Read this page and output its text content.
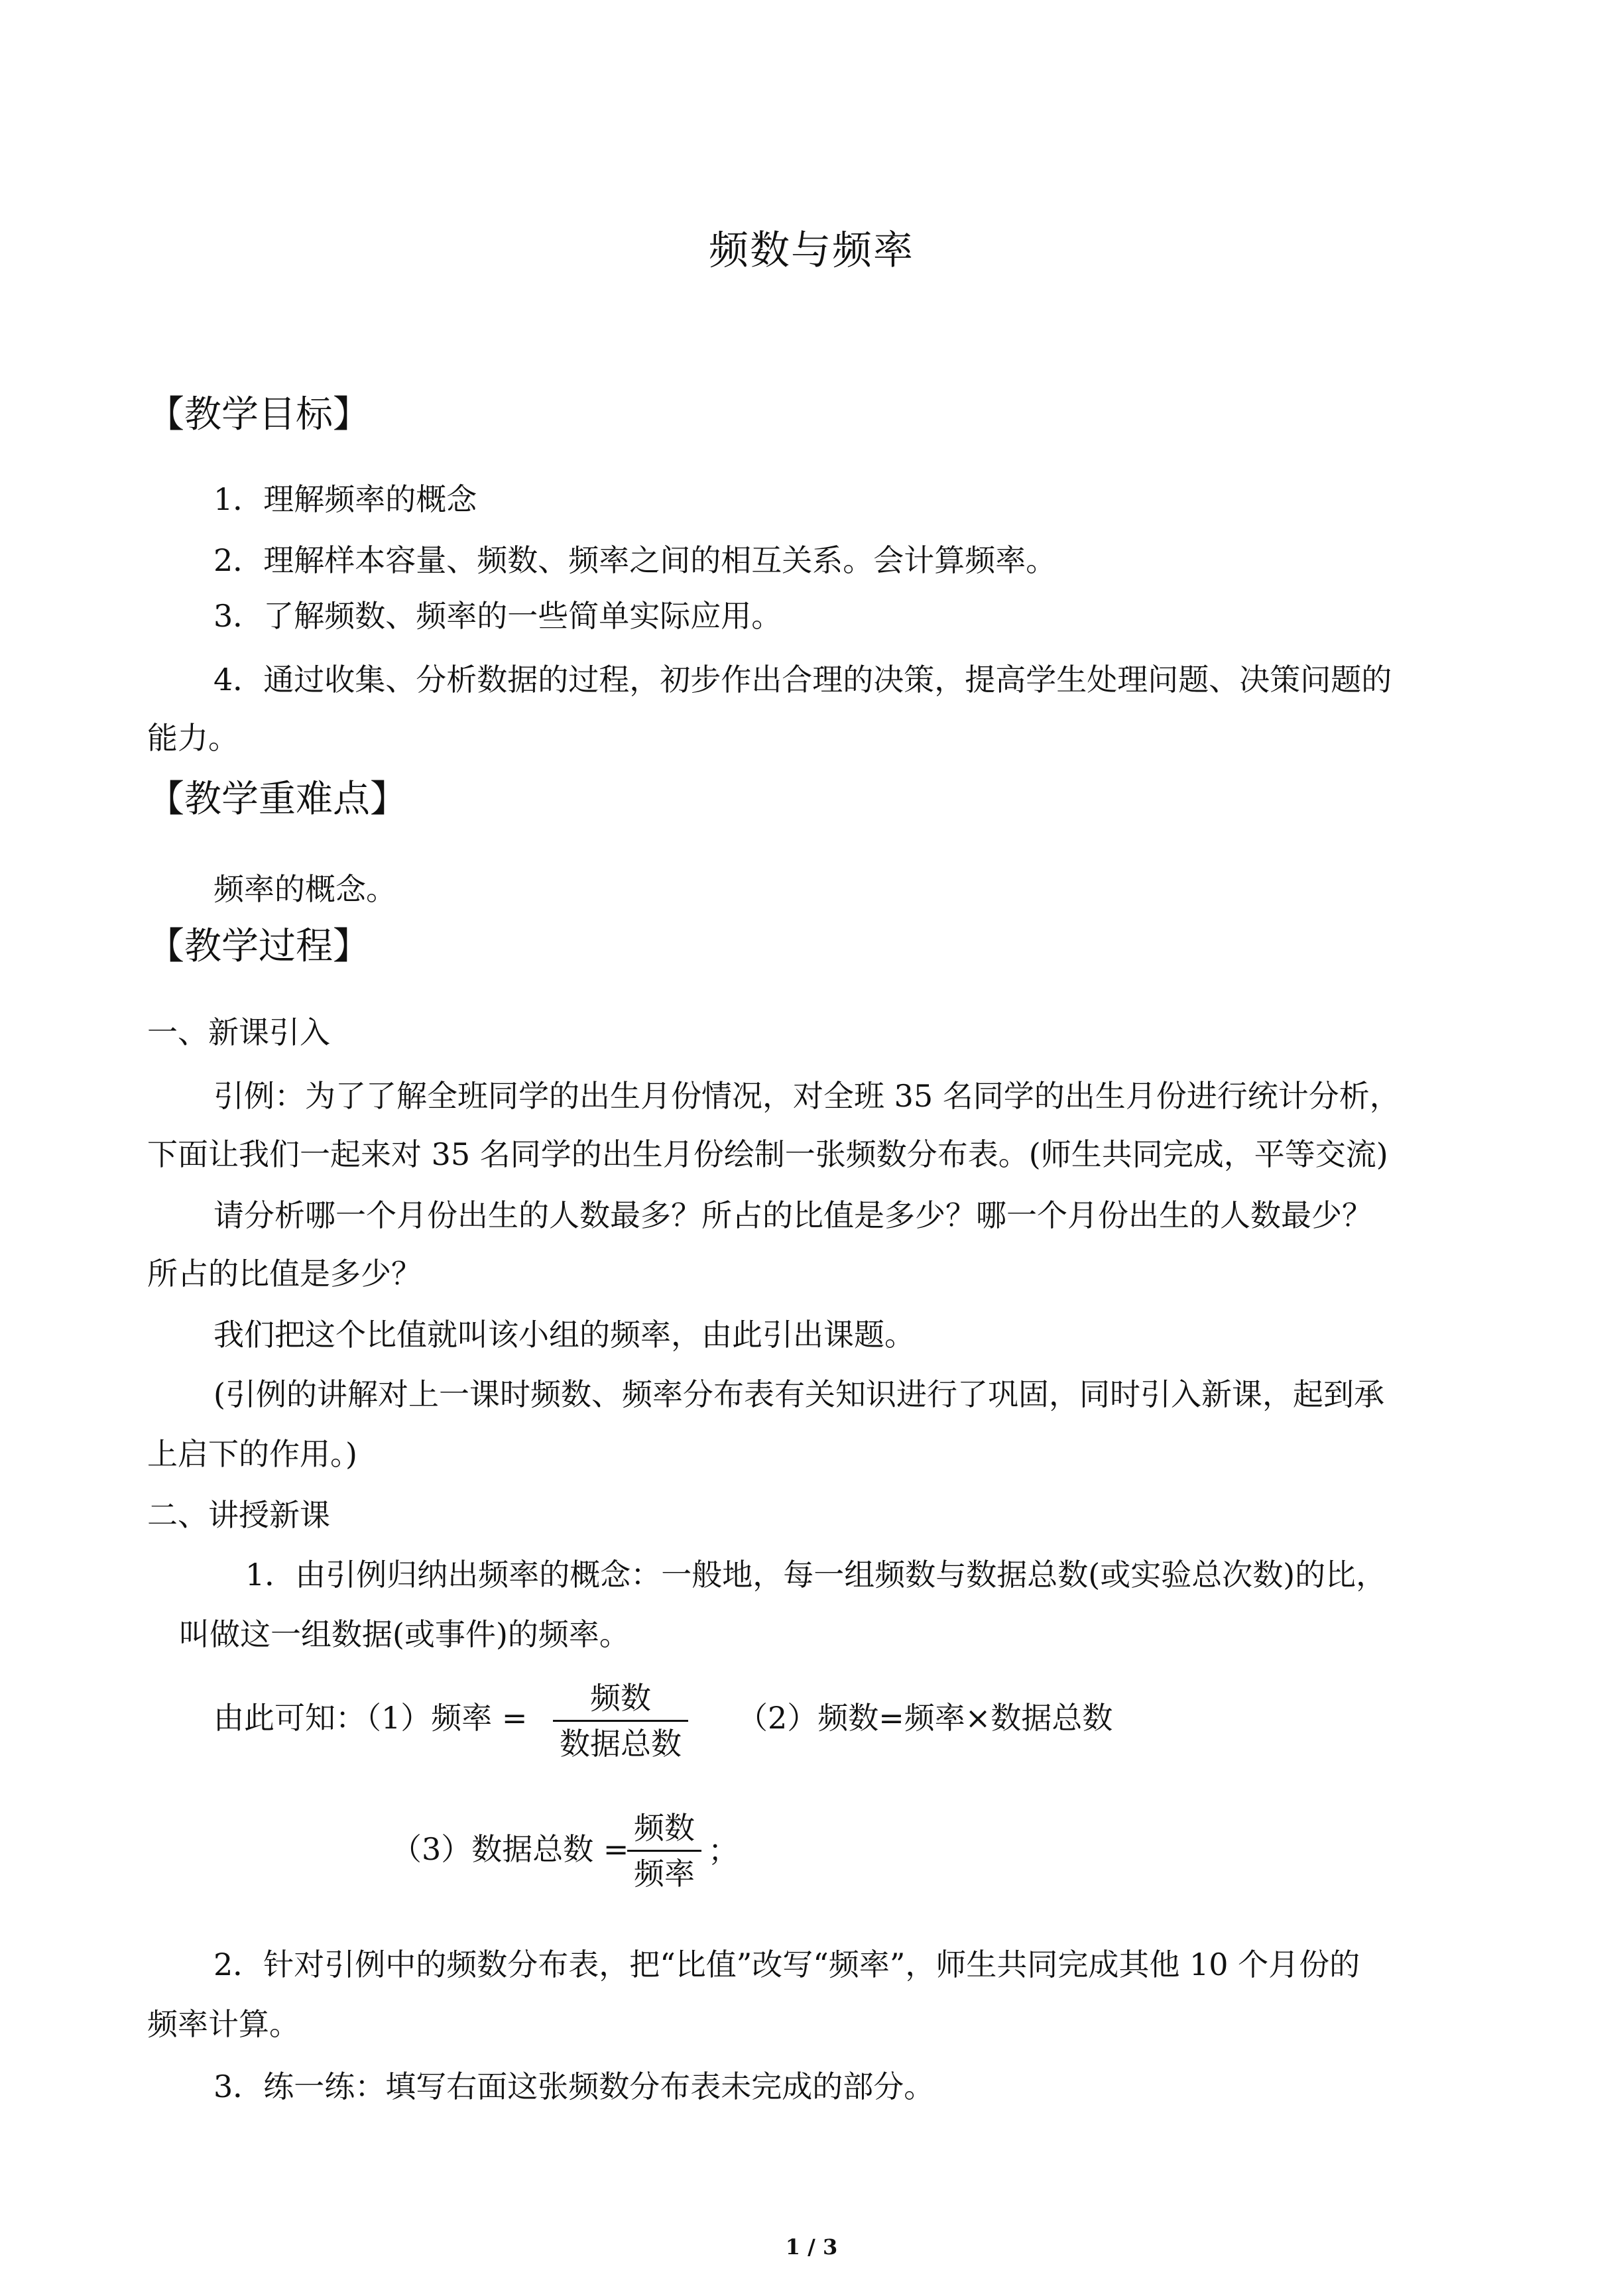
频数与频率
【教学目标】
1．理解频率的概念
2．理解样本容量、频数、频率之间的相互关系。会计算频率。
3．了解频数、频率的一些简单实际应用。
4．通过收集、分析数据的过程，初步作出合理的决策，提高学生处理问题、决策问题的
能力。
【教学重难点】
频率的概念。
【教学过程】
一、新课引入
引例：为了了解全班同学的出生月份情况，对全班 35 名同学的出生月份进行统计分析，
下面让我们一起来对 35 名同学的出生月份绘制一张频数分布表。(师生共同完成，平等交流)
请分析哪一个月份出生的人数最多？所占的比值是多少？哪一个月份出生的人数最少？
所占的比值是多少？
我们把这个比值就叫该小组的频率，由此引出课题。
(引例的讲解对上一课时频数、频率分布表有关知识进行了巩固，同时引入新课，起到承
上启下的作用。)
二、讲授新课
1．由引例归纳出频率的概念：一般地，每一组频数与数据总数(或实验总次数)的比，
叫做这一组数据(或事件)的频率。
由此可知：（1）频率 =
频数
数据总数
（2）频数=频率×数据总数
（3）数据总数 =
频数
频率
；
2．针对引例中的频数分布表，把“比值”改写“频率”，师生共同完成其他 10 个月份的
频率计算。
3．练一练：填写右面这张频数分布表未完成的部分。
1 / 3
